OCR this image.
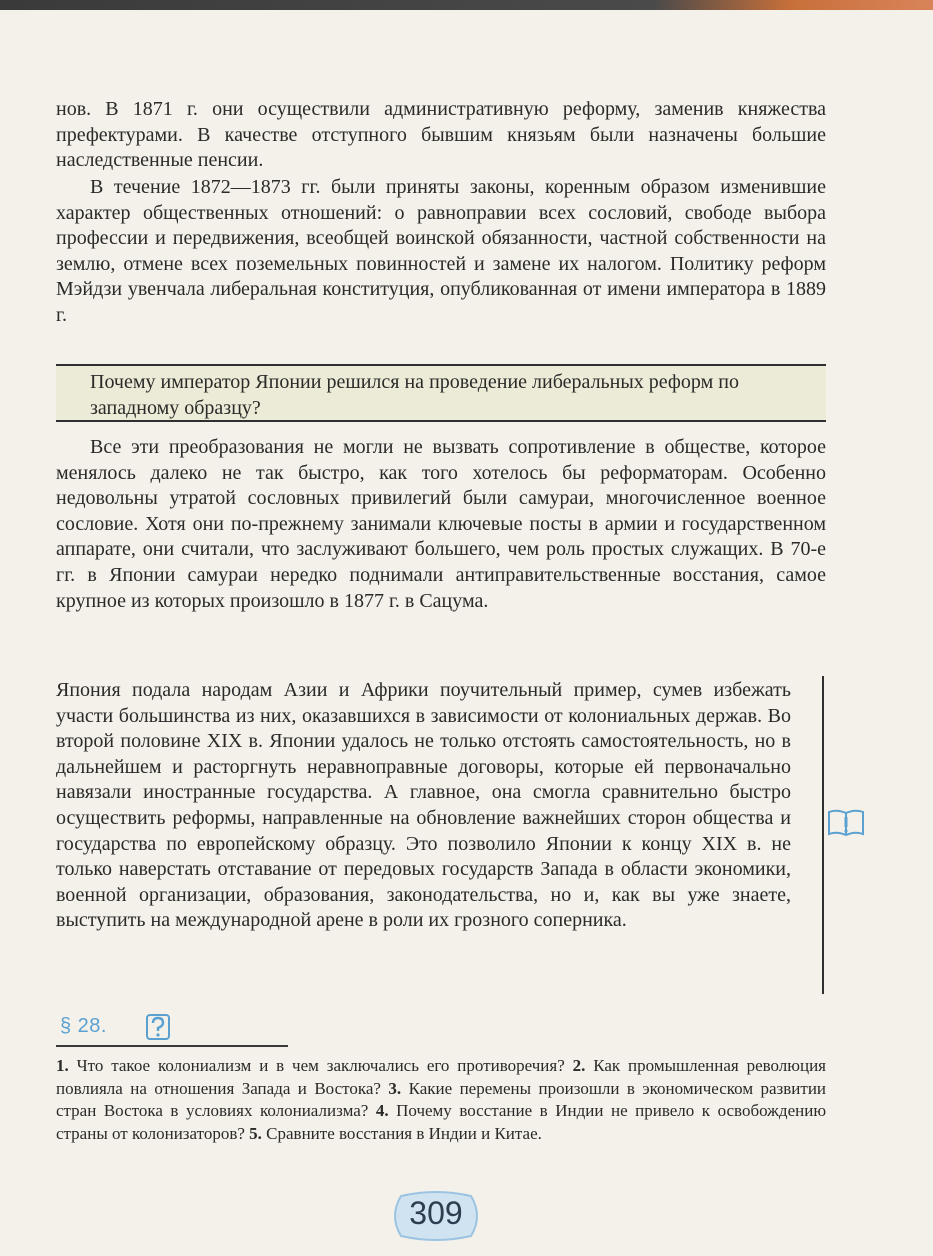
нов. В 1871 г. они осуществили административную реформу, заменив княжества префектурами. В качестве отступного бывшим князьям были назначены большие наследственные пенсии.

В течение 1872—1873 гг. были приняты законы, коренным образом изменившие характер общественных отношений: о равноправии всех сословий, свободе выбора профессии и передвижения, всеобщей воинской обязанности, частной собственности на землю, отмене всех поземельных повинностей и замене их налогом. Политику реформ Мэйдзи увенчала либеральная конституция, опубликованная от имени императора в 1889 г.

Почему император Японии решился на проведение либеральных реформ по западному образцу?

Все эти преобразования не могли не вызвать сопротивление в обществе, которое менялось далеко не так быстро, как того хотелось бы реформаторам. Особенно недовольны утратой сословных привилегий были самураи, многочисленное военное сословие. Хотя они по-прежнему занимали ключевые посты в армии и государственном аппарате, они считали, что заслуживают большего, чем роль простых служащих. В 70-е гг. в Японии самураи нередко поднимали антиправительственные восстания, самое крупное из которых произошло в 1877 г. в Сацума.

Япония подала народам Азии и Африки поучительный пример, сумев избежать участи большинства из них, оказавшихся в зависимости от колониальных держав. Во второй половине XIX в. Японии удалось не только отстоять самостоятельность, но в дальнейшем и расторгнуть неравноправные договоры, которые ей первоначально навязали иностранные государства. А главное, она смогла сравнительно быстро осуществить реформы, направленные на обновление важнейших сторон общества и государства по европейскому образцу. Это позволило Японии к концу XIX в. не только наверстать отставание от передовых государств Запада в области экономики, военной организации, образования, законодательства, но и, как вы уже знаете, выступить на международной арене в роли их грозного соперника.

§ 28.

1. Что такое колониализм и в чем заключались его противоречия? 2. Как промышленная революция повлияла на отношения Запада и Востока? 3. Какие перемены произошли в экономическом развитии стран Востока в условиях колониализма? 4. Почему восстание в Индии не привело к освобождению страны от колонизаторов? 5. Сравните восстания в Индии и Китае.

309
